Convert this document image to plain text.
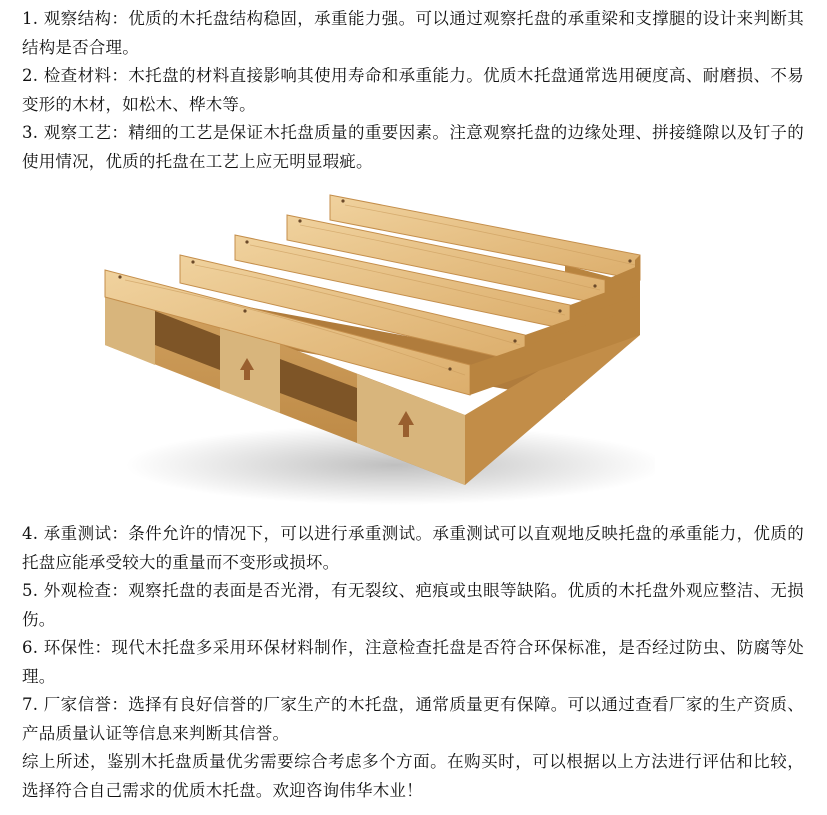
1. 观察结构：优质的木托盘结构稳固，承重能力强。可以通过观察托盘的承重梁和支撑腿的设计来判断其结构是否合理。

2. 检查材料：木托盘的材料直接影响其使用寿命和承重能力。优质木托盘通常选用硬度高、耐磨损、不易变形的木材，如松木、桦木等。

3. 观察工艺：精细的工艺是保证木托盘质量的重要因素。注意观察托盘的边缘处理、拼接缝隙以及钉子的使用情况，优质的托盘在工艺上应无明显瑕疵。

4. 承重测试：条件允许的情况下，可以进行承重测试。承重测试可以直观地反映托盘的承重能力，优质的托盘应能承受较大的重量而不变形或损坏。

5. 外观检查：观察托盘的表面是否光滑，有无裂纹、疤痕或虫眼等缺陷。优质的木托盘外观应整洁、无损伤。

6. 环保性：现代木托盘多采用环保材料制作，注意检查托盘是否符合环保标准，是否经过防虫、防腐等处理。

7. 厂家信誉：选择有良好信誉的厂家生产的木托盘，通常质量更有保障。可以通过查看厂家的生产资质、产品质量认证等信息来判断其信誉。

综上所述，鉴别木托盘质量优劣需要综合考虑多个方面。在购买时，可以根据以上方法进行评估和比较，选择符合自己需求的优质木托盘。欢迎咨询伟华木业！
